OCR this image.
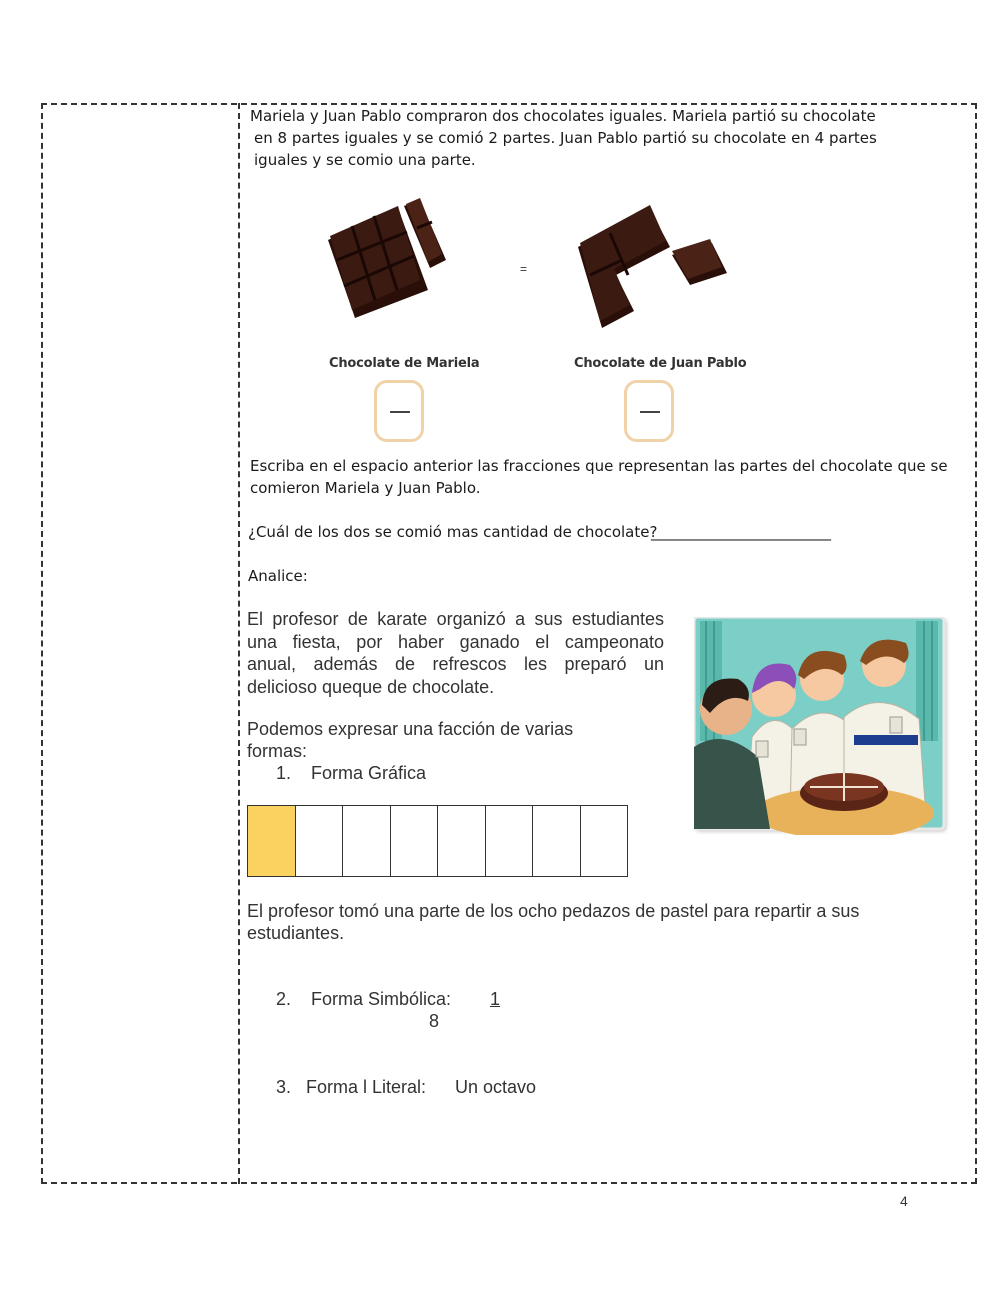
Mariela y Juan Pablo compraron dos chocolates iguales. Mariela partió su chocolate

en 8 partes iguales y se comió 2 partes. Juan Pablo partió su chocolate en 4 partes

iguales y se comio una parte.

=
Chocolate de Mariela	Chocolate de Juan Pablo

Escriba en el espacio anterior las fracciones que representan las partes del chocolate que se

comieron Mariela y Juan Pablo.

¿Cuál de los dos se comió mas cantidad de chocolate?

________________________

Analice:

El profesor de karate organizó a sus estudiantes
una fiesta, por haber ganado el campeonato
anual, además de refrescos les preparó un
delicioso queque de chocolate.

Podemos expresar una facción de varias

formas:

1. Forma Gráfica

El profesor tomó una parte de los ocho pedazos de pastel para repartir a sus

estudiantes.

2. Forma Simbólica: 1
8
3. Forma l Literal: Un octavo
4
